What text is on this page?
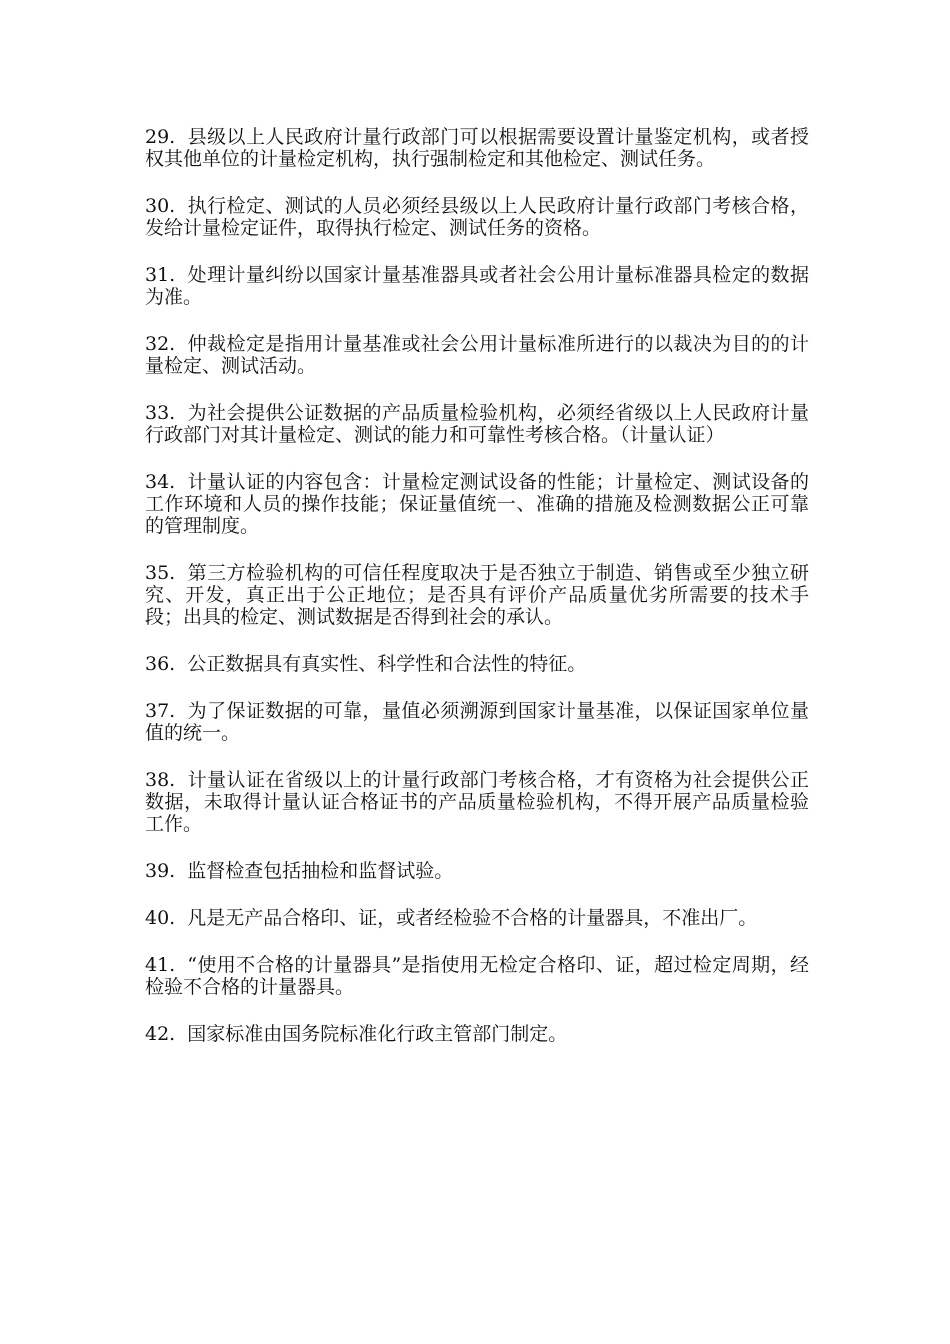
29. 县级以上人民政府计量行政部门可以根据需要设置计量鉴定机构，或者授权其他单位的计量检定机构，执行强制检定和其他检定、测试任务。

30. 执行检定、测试的人员必须经县级以上人民政府计量行政部门考核合格，发给计量检定证件，取得执行检定、测试任务的资格。

31. 处理计量纠纷以国家计量基准器具或者社会公用计量标准器具检定的数据　为准。

32. 仲裁检定是指用计量基准或社会公用计量标准所进行的以裁决为目的的计量检定、测试活动。

33. 为社会提供公证数据的产品质量检验机构，必须经省级以上人民政府计量行政部门对其计量检定、测试的能力和可靠性考核合格。（计量认证）

34. 计量认证的内容包含：计量检定测试设备的性能；计量检定、测试设备的工作环境和人员的操作技能；保证量值统一、准确的措施及检测数据公正可靠的管理制度。

35. 第三方检验机构的可信任程度取决于是否独立于制造、销售或至少独立研究、开发，真正出于公正地位；是否具有评价产品质量优劣所需要的技术手段；出具的检定、测试数据是否得到社会的承认。

36. 公正数据具有真实性、科学性和合法性的特征。

37. 为了保证数据的可靠，量值必须溯源到国家计量基准，以保证国家单位量值的统一。

38. 计量认证在省级以上的计量行政部门考核合格，才有资格为社会提供公正数据，未取得计量认证合格证书的产品质量检验机构，不得开展产品质量检验工作。

39. 监督检查包括抽检和监督试验。

40. 凡是无产品合格印、证，或者经检验不合格的计量器具，不准出厂。

41. “使用不合格的计量器具”是指使用无检定合格印、证，超过检定周期，经检验不合格的计量器具。

42. 国家标准由国务院标准化行政主管部门制定。
